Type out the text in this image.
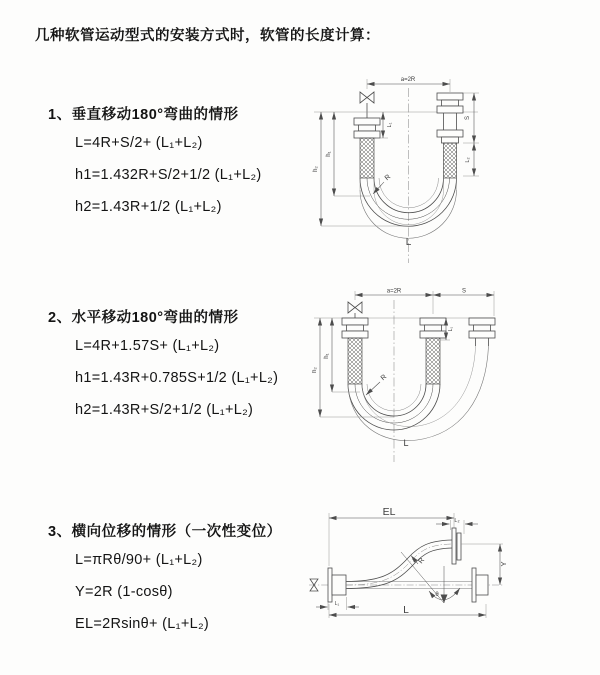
几种软管运动型式的安装方式时，软管的长度计算：
1、垂直移动180°弯曲的情形
L=4R+S/2+ (L₁+L₂)
h1=1.432R+S/2+1/2 (L₁+L₂)
h2=1.43R+1/2 (L₁+L₂)
2、水平移动180°弯曲的情形
L=4R+1.57S+ (L₁+L₂)
h1=1.43R+0.785S+1/2 (L₁+L₂)
h2=1.43R+S/2+1/2 (L₁+L₂)
3、横向位移的情形（一次性变位）
L=πRθ/90+ (L₁+L₂)
Y=2R (1-cosθ)
EL=2Rsinθ+ (L₁+L₂)
a=2R
S
L₂
L₁
h₁
h₂
R
L
a=2R	S
h₁
h₂
L₁
R
L
EL
L₂
Y
θ
R
L₁
L
